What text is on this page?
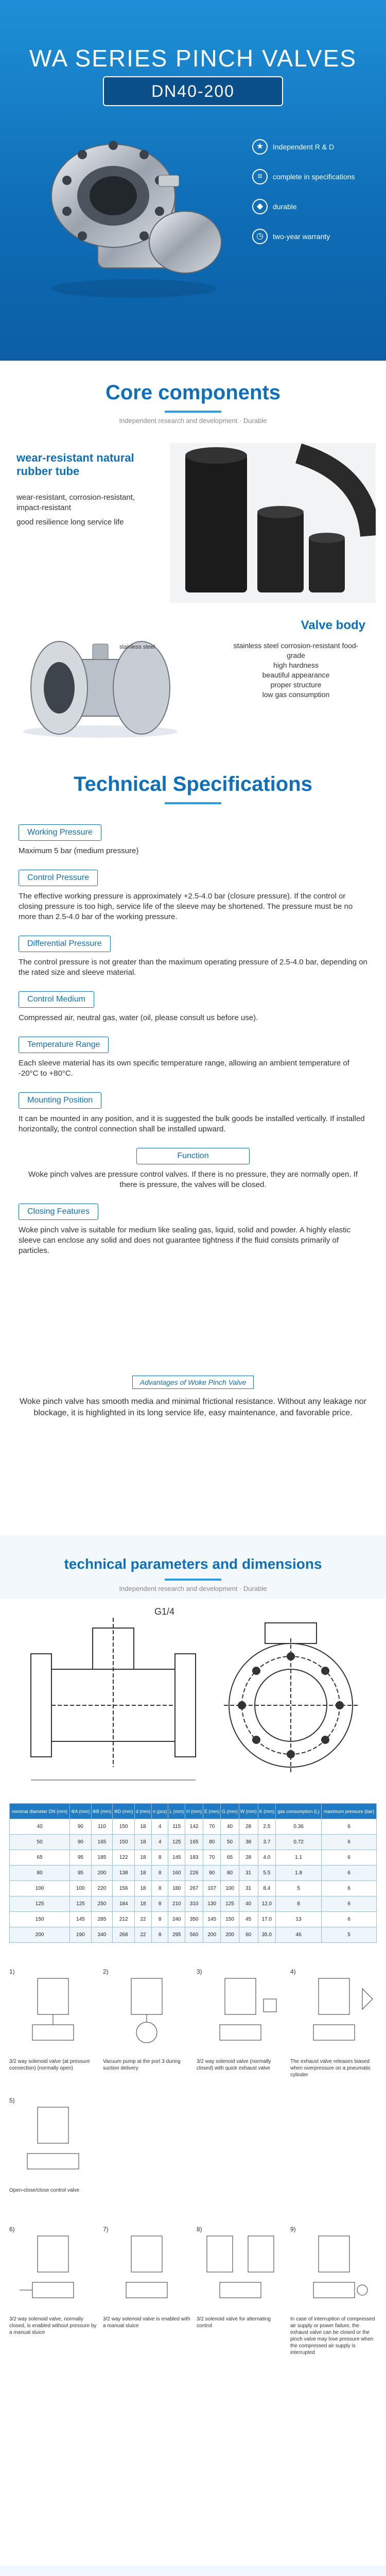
WA SERIES PINCH VALVES
DN40-200
★	Independent R & D
≡	complete in specifications
◆	durable
◷	two-year warranty
Core components
Independent research and development · Durable
wear-resistant natural rubber tube
wear-resistant, corrosion-resistant, impact-resistant
good resilience long service life
stainless steel
Valve body
stainless steel corrosion-resistant food-grade
high hardness
beautiful appearance
proper structure
low gas consumption
Technical Specifications
Working Pressure
Maximum 5 bar (medium pressure)
Control Pressure
The effective working pressure is approximately +2.5-4.0 bar (closure pressure). If the control or closing pressure is too high, service life of the sleeve may be shortened. The pressure must be no more than 2.5-4.0 bar of the working pressure.
Differential Pressure
The control pressure is not greater than the maximum operating pressure of 2.5-4.0 bar, depending on the rated size and sleeve material.
Control Medium
Compressed air, neutral gas, water (oil, please consult us before use).
Temperature Range
Each sleeve material has its own specific temperature range, allowing an ambient temperature of -20°C to +80°C.
Mounting Position
It can be mounted in any position, and it is suggested the bulk goods be installed vertically. If installed horizontally, the control connection shall be installed upward.
Function
Woke pinch valves are pressure control valves. If there is no pressure, they are normally open. If there is pressure, the valves will be closed.
Closing Features
Woke pinch valve is suitable for medium like sealing gas, liquid, solid and powder. A highly elastic sleeve can enclose any solid and does not guarantee tightness if the fluid consists primarily of particles.
Advantages of Woke Pinch Valve
Woke pinch valve has smooth media and minimal frictional resistance. Without any leakage nor blockage, it is highlighted in its long service life, easy maintenance, and favorable price.
technical parameters and dimensions
Independent research and development · Durable
G1/4
nominal diameter DN (mm)	ΦA (mm)	ΦB (mm)	ΦD (mm)	d (mm)	n (pcs)	L (mm)	H (mm)	E (mm)	G (mm)	W (mm)	K (mm)	gas consumption (L)	maximum pressure (bar)
40	90	110	150	18	4	115	142	70	40	28	2.5	0.36	6
50	90	165	150	18	4	125	165	80	50	38	3.7	0.72	6
65	95	185	122	18	8	145	183	70	65	28	4.0	1.1	6
80	95	200	138	18	8	160	226	90	80	31	5.5	1.8	6
100	100	220	156	18	8	180	267	107	100	31	8.4	5	6
125	125	250	184	18	8	210	310	130	125	40	12.0	8	6
150	145	285	212	22	8	240	350	145	150	45	17.0	13	6
200	190	340	268	22	8	295	560	200	200	60	35.0	46	5
1)
3/2 way solenoid valve (at pressure connection) (normally open)
2)
Vacuum pump at the port 3 during suction delivery
3)
3/2 way solenoid valve (normally closed) with quick exhaust valve
4)
The exhaust valve releases biased when overpressure on a pneumatic cylinder
5)
Open-close/close control valve
6)
3/2 way solenoid valve, normally closed, is enabled without pressure by a manual sluice
7)
3/2 way solenoid valve is enabled with a manual sluice
8)
3/2 solenoid valve for alternating control
9)
In case of interruption of compressed air supply or power failure, the exhaust valve can be closed or the pinch valve may lose pressure when the compressed air supply is interrupted
